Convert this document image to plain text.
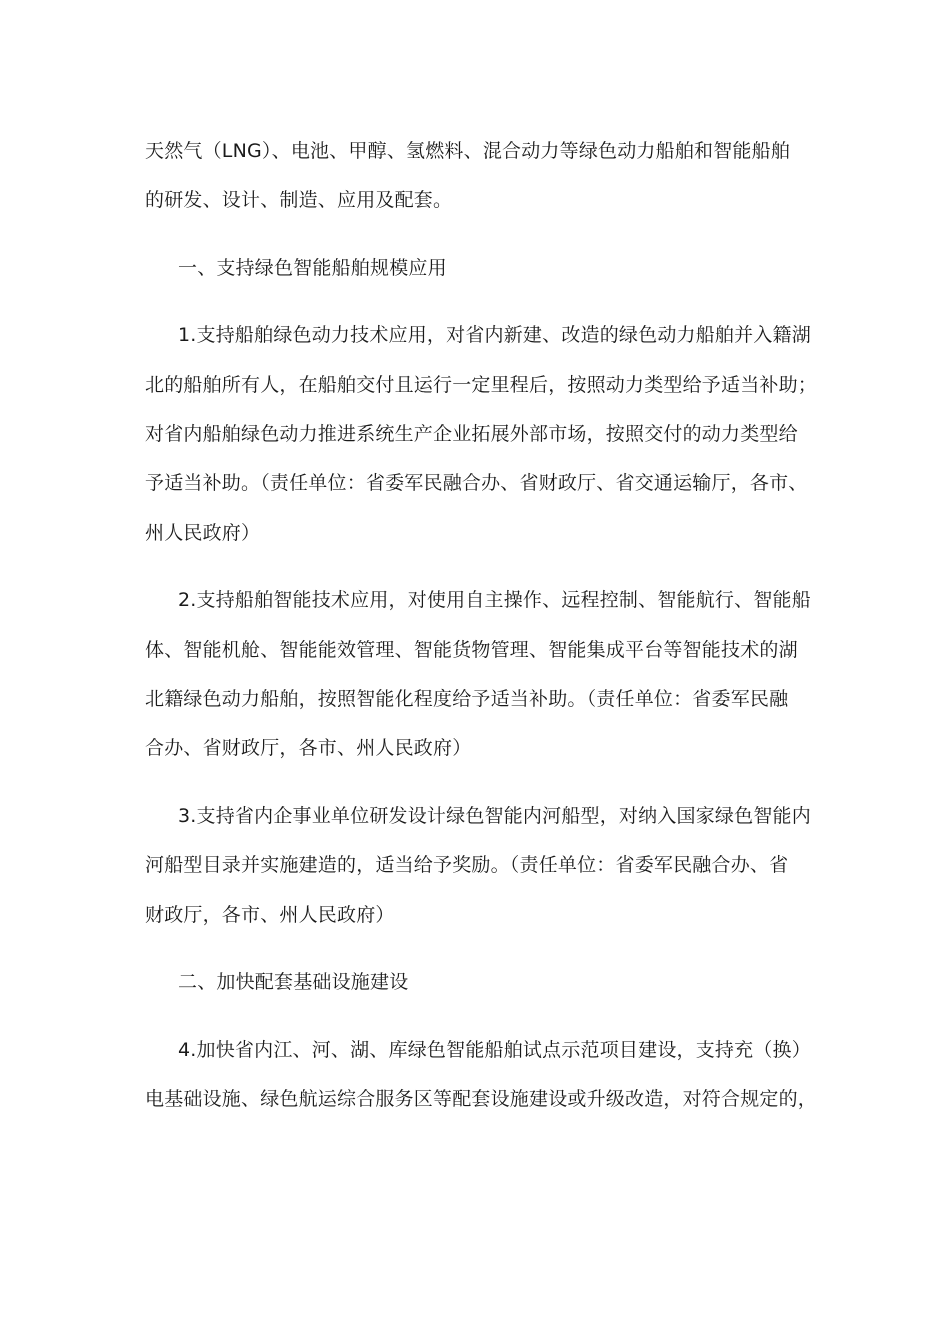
天然气（LNG）、电池、甲醇、氢燃料、混合动力等绿色动力船舶和智能船舶
的研发、设计、制造、应用及配套。
一、支持绿色智能船舶规模应用
1.支持船舶绿色动力技术应用，对省内新建、改造的绿色动力船舶并入籍湖
北的船舶所有人，在船舶交付且运行一定里程后，按照动力类型给予适当补助；
对省内船舶绿色动力推进系统生产企业拓展外部市场，按照交付的动力类型给
予适当补助。（责任单位：省委军民融合办、省财政厅、省交通运输厅，各市、
州人民政府）
2.支持船舶智能技术应用，对使用自主操作、远程控制、智能航行、智能船
体、智能机舱、智能能效管理、智能货物管理、智能集成平台等智能技术的湖
北籍绿色动力船舶，按照智能化程度给予适当补助。（责任单位：省委军民融
合办、省财政厅，各市、州人民政府）
3.支持省内企事业单位研发设计绿色智能内河船型，对纳入国家绿色智能内
河船型目录并实施建造的，适当给予奖励。（责任单位：省委军民融合办、省
财政厅，各市、州人民政府）
二、加快配套基础设施建设
4.加快省内江、河、湖、库绿色智能船舶试点示范项目建设，支持充（换）
电基础设施、绿色航运综合服务区等配套设施建设或升级改造，对符合规定的，
